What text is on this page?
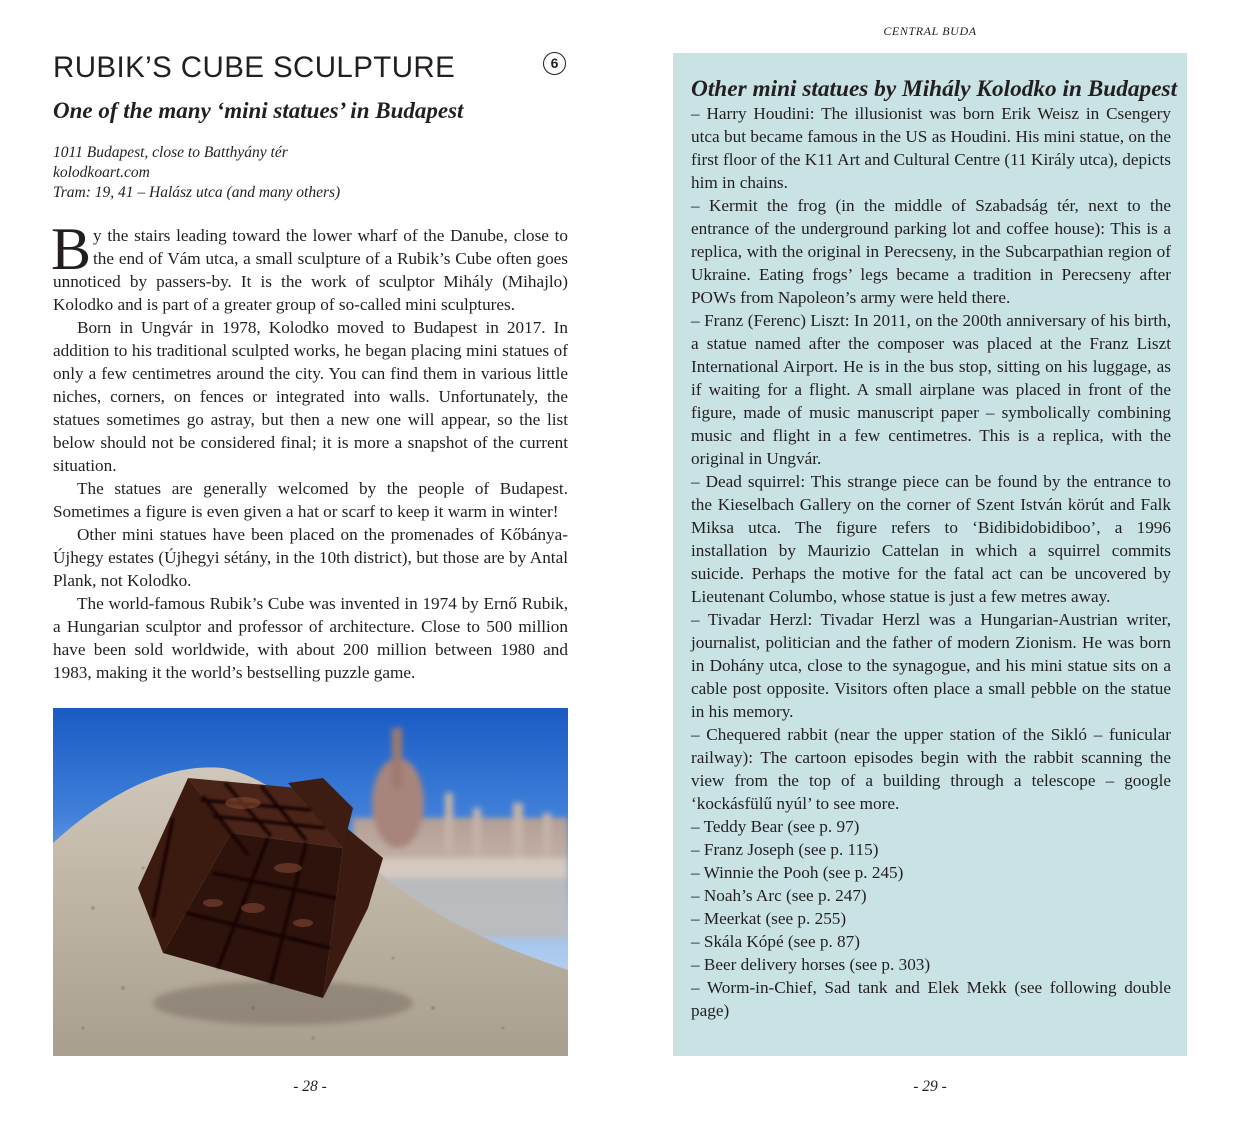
RUBIK’S CUBE SCULPTURE	6
One of the many ‘mini statues’ in Budapest
1011 Budapest, close to Batthyány tér
kolodkoart.com
Tram: 19, 41 – Halász utca (and many others)

By the stairs leading toward the lower wharf of the Danube, close to the end of Vám utca, a small sculpture of a Rubik’s Cube often goes unnoticed by passers-by. It is the work of sculptor Mihály (Mihajlo) Kolodko and is part of a greater group of so-called mini sculptures.

Born in Ungvár in 1978, Kolodko moved to Budapest in 2017. In addition to his traditional sculpted works, he began placing mini statues of only a few centimetres around the city. You can find them in various little niches, corners, on fences or integrated into walls. Unfortunately, the statues sometimes go astray, but then a new one will appear, so the list below should not be considered final; it is more a snapshot of the current situation.

The statues are generally welcomed by the people of Budapest. Sometimes a figure is even given a hat or scarf to keep it warm in winter!

Other mini statues have been placed on the promenades of Kőbánya-Újhegy estates (Újhegyi sétány, in the 10th district), but those are by Antal Plank, not Kolodko.

The world-famous Rubik’s Cube was invented in 1974 by Ernő Rubik, a Hungarian sculptor and professor of architecture. Close to 500 million have been sold worldwide, with about 200 million between 1980 and 1983, making it the world’s bestselling puzzle game.

- 28 -
CENTRAL BUDA
Other mini statues by Mihály Kolodko in Budapest

– Harry Houdini: The illusionist was born Erik Weisz in Csengery utca but became famous in the US as Houdini. His mini statue, on the first floor of the K11 Art and Cultural Centre (11 Király utca), depicts him in chains.

– Kermit the frog (in the middle of Szabadság tér, next to the entrance of the underground parking lot and coffee house): This is a replica, with the original in Perecseny, in the Subcarpathian region of Ukraine. Eating frogs’ legs became a tradition in Perecseny after POWs from Napoleon’s army were held there.

– Franz (Ferenc) Liszt: In 2011, on the 200th anniversary of his birth, a statue named after the composer was placed at the Franz Liszt International Airport. He is in the bus stop, sitting on his luggage, as if waiting for a flight. A small airplane was placed in front of the figure, made of music manuscript paper – symbolically combining music and flight in a few centimetres. This is a replica, with the original in Ungvár.

– Dead squirrel: This strange piece can be found by the entrance to the Kieselbach Gallery on the corner of Szent István körút and Falk Miksa utca. The figure refers to ‘Bidibidobidiboo’, a 1996 installation by Maurizio Cattelan in which a squirrel commits suicide. Perhaps the motive for the fatal act can be uncovered by Lieutenant Columbo, whose statue is just a few metres away.

– Tivadar Herzl: Tivadar Herzl was a Hungarian-Austrian writer, journalist, politician and the father of modern Zionism. He was born in Dohány utca, close to the synagogue, and his mini statue sits on a cable post opposite. Visitors often place a small pebble on the statue in his memory.

– Chequered rabbit (near the upper station of the Sikló – funicular railway): The cartoon episodes begin with the rabbit scanning the view from the top of a building through a telescope – google ‘kockásfülű nyúl’ to see more.

– Teddy Bear (see p. 97)

– Franz Joseph (see p. 115)

– Winnie the Pooh (see p. 245)

– Noah’s Arc (see p. 247)

– Meerkat (see p. 255)

– Skála Kópé (see p. 87)

– Beer delivery horses (see p. 303)

– Worm-in-Chief, Sad tank and Elek Mekk (see following double page)

- 29 -
